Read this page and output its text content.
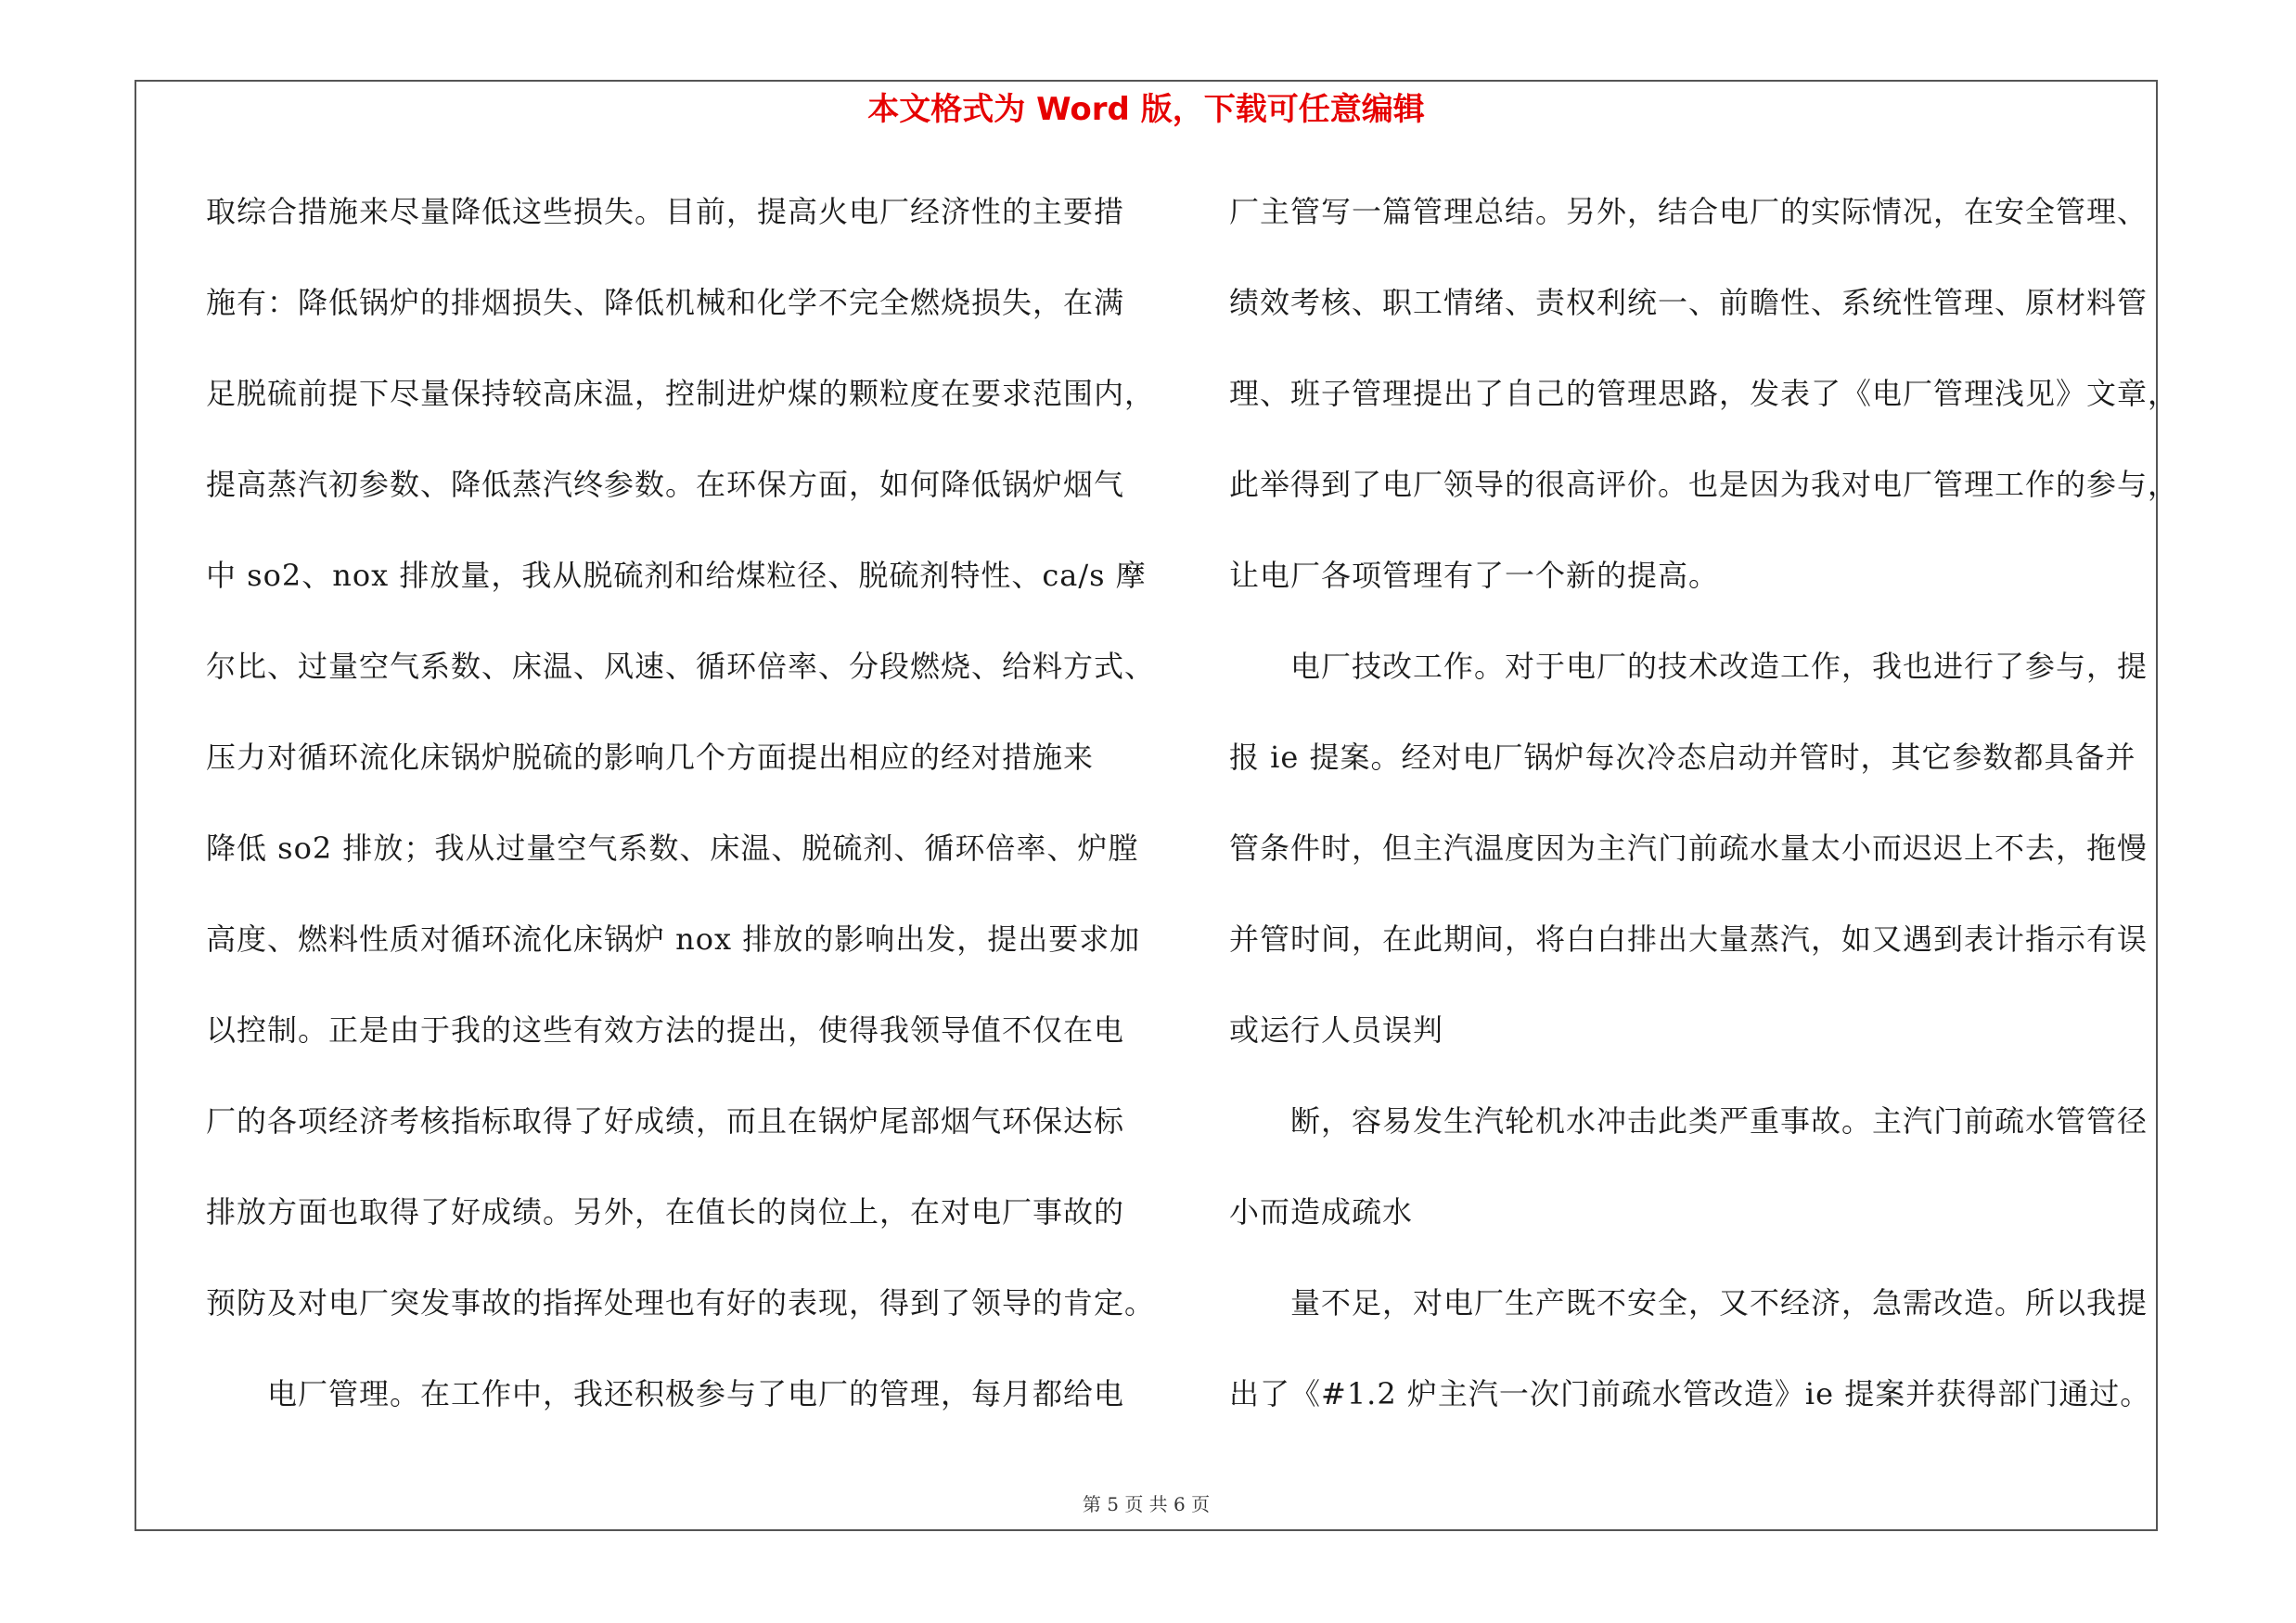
本文格式为 Word 版，下载可任意编辑
取综合措施来尽量降低这些损失。目前，提高火电厂经济性的主要措
施有：降低锅炉的排烟损失、降低机械和化学不完全燃烧损失，在满
足脱硫前提下尽量保持较高床温，控制进炉煤的颗粒度在要求范围内，
提高蒸汽初参数、降低蒸汽终参数。在环保方面，如何降低锅炉烟气
中 so2、nox 排放量，我从脱硫剂和给煤粒径、脱硫剂特性、ca/s 摩
尔比、过量空气系数、床温、风速、循环倍率、分段燃烧、给料方式、
压力对循环流化床锅炉脱硫的影响几个方面提出相应的经对措施来
降低 so2 排放；我从过量空气系数、床温、脱硫剂、循环倍率、炉膛
高度、燃料性质对循环流化床锅炉 nox 排放的影响出发，提出要求加
以控制。正是由于我的这些有效方法的提出，使得我领导值不仅在电
厂的各项经济考核指标取得了好成绩，而且在锅炉尾部烟气环保达标
排放方面也取得了好成绩。另外，在值长的岗位上，在对电厂事故的
预防及对电厂突发事故的指挥处理也有好的表现，得到了领导的肯定。
电厂管理。在工作中，我还积极参与了电厂的管理，每月都给电
厂主管写一篇管理总结。另外，结合电厂的实际情况，在安全管理、
绩效考核、职工情绪、责权利统一、前瞻性、系统性管理、原材料管
理、班子管理提出了自己的管理思路，发表了《电厂管理浅见》文章，
此举得到了电厂领导的很高评价。也是因为我对电厂管理工作的参与，
让电厂各项管理有了一个新的提高。
电厂技改工作。对于电厂的技术改造工作，我也进行了参与，提
报 ie 提案。经对电厂锅炉每次冷态启动并管时，其它参数都具备并
管条件时，但主汽温度因为主汽门前疏水量太小而迟迟上不去，拖慢
并管时间，在此期间，将白白排出大量蒸汽，如又遇到表计指示有误
或运行人员误判
断，容易发生汽轮机水冲击此类严重事故。主汽门前疏水管管径
小而造成疏水
量不足，对电厂生产既不安全，又不经济，急需改造。所以我提
出了《#1.2 炉主汽一次门前疏水管改造》ie 提案并获得部门通过。
第 5 页 共 6 页
